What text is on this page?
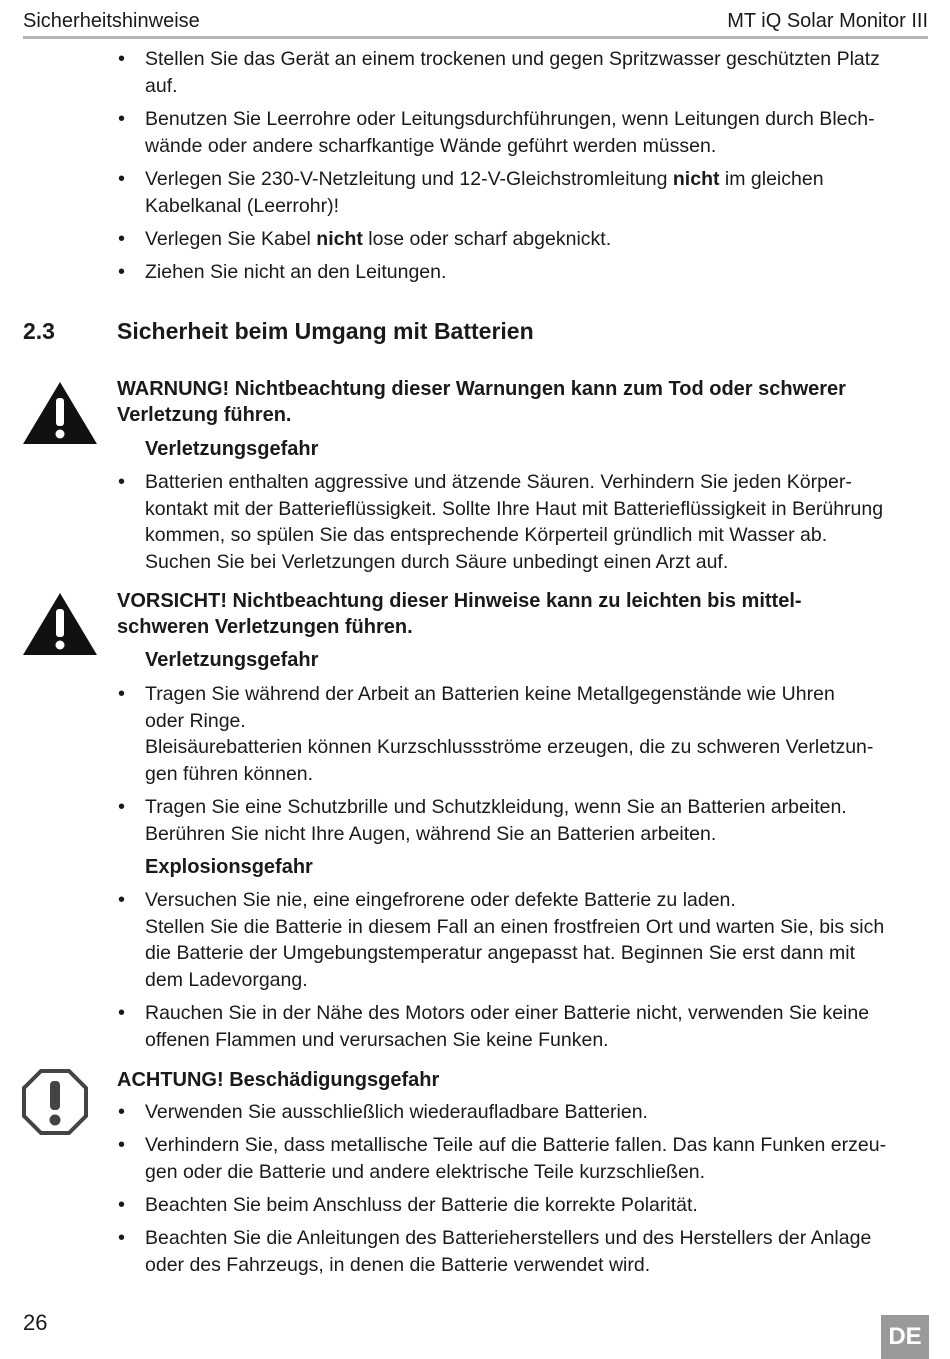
Sicherheitshinweise	MT iQ Solar Monitor III
• Stellen Sie das Gerät an einem trockenen und gegen Spritzwasser geschützten Platz
auf.
• Benutzen Sie Leerrohre oder Leitungsdurchführungen, wenn Leitungen durch Blech-
wände oder andere scharfkantige Wände geführt werden müssen.
• Verlegen Sie 230-V-Netzleitung und 12-V-Gleichstromleitung nicht im gleichen
Kabelkanal (Leerrohr)!
• Verlegen Sie Kabel nicht lose oder scharf abgeknickt.
• Ziehen Sie nicht an den Leitungen.
2.3	Sicherheit beim Umgang mit Batterien
WARNUNG! Nichtbeachtung dieser Warnungen kann zum Tod oder schwerer
Verletzung führen.
Verletzungsgefahr
• Batterien enthalten aggressive und ätzende Säuren. Verhindern Sie jeden Körper-
kontakt mit der Batterieflüssigkeit. Sollte Ihre Haut mit Batterieflüssigkeit in Berührung
kommen, so spülen Sie das entsprechende Körperteil gründlich mit Wasser ab.
Suchen Sie bei Verletzungen durch Säure unbedingt einen Arzt auf.
VORSICHT! Nichtbeachtung dieser Hinweise kann zu leichten bis mittel-
schweren Verletzungen führen.
Verletzungsgefahr
• Tragen Sie während der Arbeit an Batterien keine Metallgegenstände wie Uhren
oder Ringe.
Bleisäurebatterien können Kurzschlussströme erzeugen, die zu schweren Verletzun-
gen führen können.
• Tragen Sie eine Schutzbrille und Schutzkleidung, wenn Sie an Batterien arbeiten.
Berühren Sie nicht Ihre Augen, während Sie an Batterien arbeiten.
Explosionsgefahr
• Versuchen Sie nie, eine eingefrorene oder defekte Batterie zu laden.
Stellen Sie die Batterie in diesem Fall an einen frostfreien Ort und warten Sie, bis sich
die Batterie der Umgebungstemperatur angepasst hat. Beginnen Sie erst dann mit
dem Ladevorgang.
• Rauchen Sie in der Nähe des Motors oder einer Batterie nicht, verwenden Sie keine
offenen Flammen und verursachen Sie keine Funken.
ACHTUNG! Beschädigungsgefahr
• Verwenden Sie ausschließlich wiederaufladbare Batterien.
• Verhindern Sie, dass metallische Teile auf die Batterie fallen. Das kann Funken erzeu-
gen oder die Batterie und andere elektrische Teile kurzschließen.
• Beachten Sie beim Anschluss der Batterie die korrekte Polarität.
• Beachten Sie die Anleitungen des Batterieherstellers und des Herstellers der Anlage
oder des Fahrzeugs, in denen die Batterie verwendet wird.
26
DE
